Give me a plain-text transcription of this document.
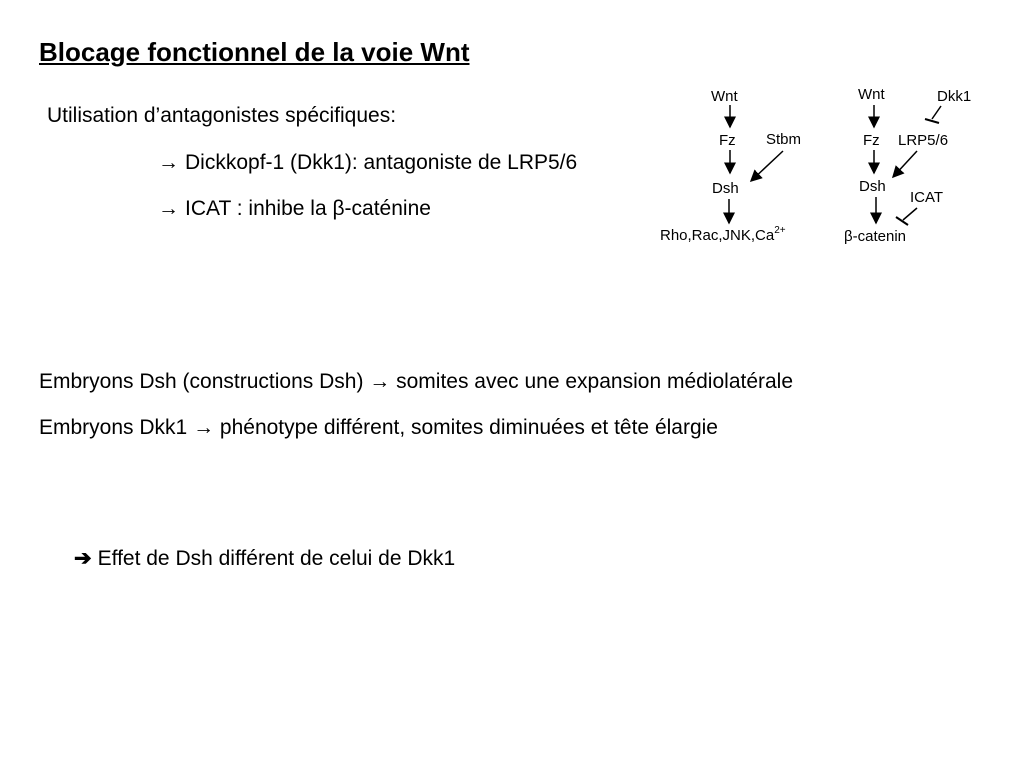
Blocage fonctionnel de la voie Wnt
Utilisation d’antagonistes spécifiques:
→ Dickkopf-1 (Dkk1): antagoniste de LRP5/6
→ ICAT : inhibe la β-caténine
Wnt
Fz Stbm
Dsh
$Rho,Rac,JNK,Ca^{2+}$
Wnt	Dkk1
Fz LRP5/6
Dsh
ICAT
β-catenin
Embryons Dsh (constructions Dsh) → somites avec une expansion médiolatérale
Embryons Dkk1 → phénotype différent, somites diminuées et tête élargie
➔ Effet de Dsh différent de celui de Dkk1
